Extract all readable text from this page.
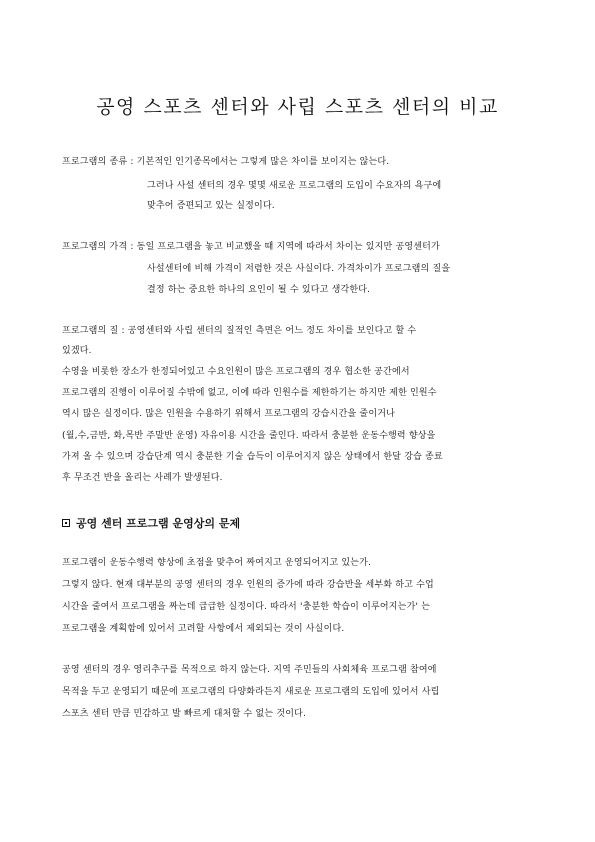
공영 스포츠 센터와 사립 스포츠 센터의 비교
프로그램의 종류 : 기본적인 인기종목에서는 그렇게 많은 차이를 보이지는 않는다.
그러나 사설 센터의 경우 몇몇 새로운 프로그램의 도입이 수요자의 욕구에
맞추어 증편되고 있는 실정이다.
프로그램의 가격 : 동일 프로그램을 놓고 비교했을 때 지역에 따라서 차이는 있지만 공영센터가
사설센터에 비해 가격이 저렴한 것은 사실이다. 가격차이가 프로그램의 질을
결정 하는 중요한 하나의 요인이 될 수 있다고 생각한다.
프로그램의 질 : 공영센터와 사립 센터의 질적인 측면은 어느 정도 차이를 보인다고 할 수
있겠다.
수영을 비롯한 장소가 한정되어있고 수요인원이 많은 프로그램의 경우 협소한 공간에서
프로그램의 진행이 이루어질 수밖에 없고, 이에 따라 인원수를 제한하기는 하지만 제한 인원수
역시 많은 실정이다. 많은 인원을 수용하기 위해서 프로그램의 강습시간을 줄이거나
(월,수,금반, 화,목반 주말반 운영) 자유이용 시간을 줄인다. 따라서 충분한 운동수행력 향상을
가져 올 수 있으며 강습단계 역시 충분한 기술 습득이 이루어지지 않은 상태에서 한달 강습 종료
후 무조건 반을 올리는 사례가 발생된다.
공영 센터 프로그램 운영상의 문제
프로그램이 운동수행력 향상에 초점을 맞추어 짜여지고 운영되어지고 있는가.
그렇지 않다. 현재 대부분의 공영 센터의 경우 인원의 증가에 따라 강습반을 세부화 하고 수업
시간을 줄여서 프로그램을 짜는데 급급한 실정이다. 따라서 '충분한 학습이 이루어지는가' 는
프로그램을 계획함에 있어서 고려할 사항에서 제외되는 것이 사실이다.
공영 센터의 경우 영리추구를 목적으로 하지 않는다. 지역 주민들의 사회체육 프로그램 참여에
목적을 두고 운영되기 때문에 프로그램의 다양화라든지 새로운 프로그램의 도입에 있어서 사립
스포츠 센터 만큼 민감하고 발 빠르게 대처할 수 없는 것이다.
